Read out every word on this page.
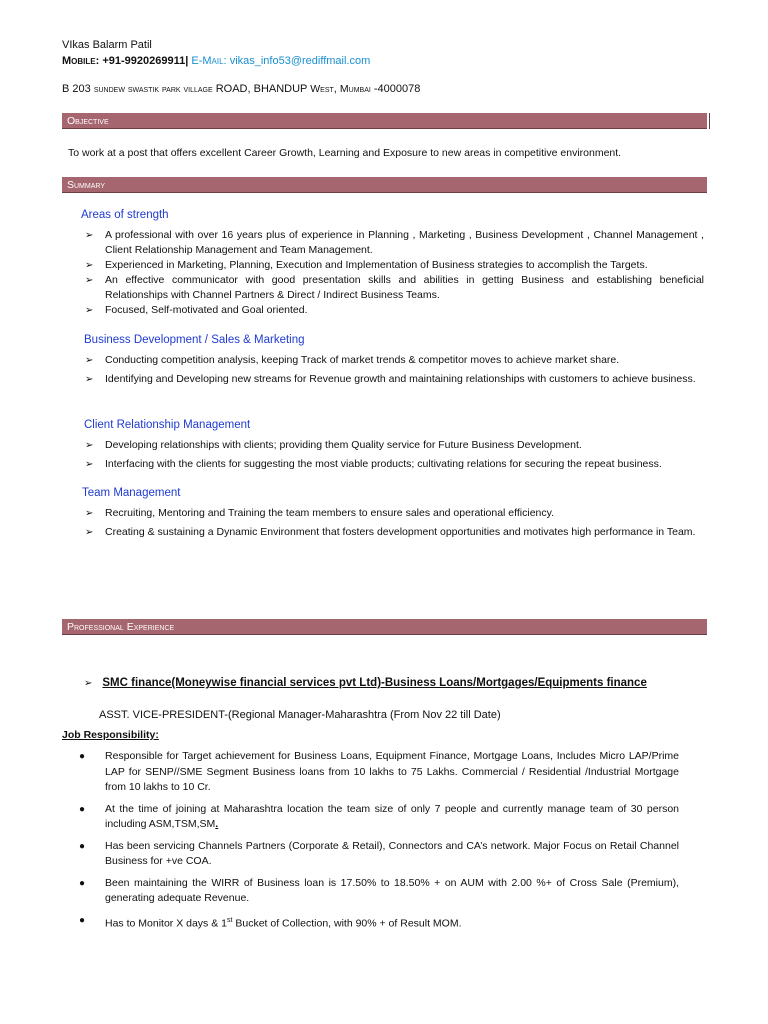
VIkas Balarm Patil
Mobile: +91-9920269911| E-Mail: vikas_info53@rediffmail.com
B 203 sundew swastik park village ROAD, BHANDUP West, Mumbai -4000078
Objective
To work at a post that offers excellent Career Growth, Learning and Exposure to new areas in competitive environment.
Summary
Areas of strength
➢ A professional with over 16 years plus of experience in Planning , Marketing , Business Development , Channel Management , Client Relationship Management and Team Management.
➢ Experienced in Marketing, Planning, Execution and Implementation of Business strategies to accomplish the Targets.
➢ An effective communicator with good presentation skills and abilities in getting Business and establishing beneficial Relationships with Channel Partners & Direct / Indirect Business Teams.
➢ Focused, Self-motivated and Goal oriented.
Business Development / Sales & Marketing
➢ Conducting competition analysis, keeping Track of market trends & competitor moves to achieve market share.
➢ Identifying and Developing new streams for Revenue growth and maintaining relationships with customers to achieve business.
Client Relationship Management
➢ Developing relationships with clients; providing them Quality service for Future Business Development.
➢ Interfacing with the clients for suggesting the most viable products; cultivating relations for securing the repeat business.
Team Management
➢ Recruiting, Mentoring and Training the team members to ensure sales and operational efficiency.
➢ Creating & sustaining a Dynamic Environment that fosters development opportunities and motivates high performance in Team.
Professional Experience
➢ SMC finance(Moneywise financial services pvt Ltd)-Business Loans/Mortgages/Equipments finance
ASST. VICE-PRESIDENT-(Regional Manager-Maharashtra (From Nov 22 till Date)
Job Responsibility:
● Responsible for Target achievement for Business Loans, Equipment Finance, Mortgage Loans, Includes Micro LAP/Prime LAP for SENP//SME Segment Business loans from 10 lakhs to 75 Lakhs. Commercial / Residential /Industrial Mortgage from 10 lakhs to 10 Cr.
● At the time of joining at Maharashtra location the team size of only 7 people and currently manage team of 30 person including ASM,TSM,SM.
● Has been servicing Channels Partners (Corporate & Retail), Connectors and CA’s network. Major Focus on Retail Channel Business for +ve COA.
● Been maintaining the WIRR of Business loan is 17.50% to 18.50% + on AUM with 2.00 %+ of Cross Sale (Premium), generating adequate Revenue.
● Has to Monitor X days & 1st Bucket of Collection, with 90% + of Result MOM.
